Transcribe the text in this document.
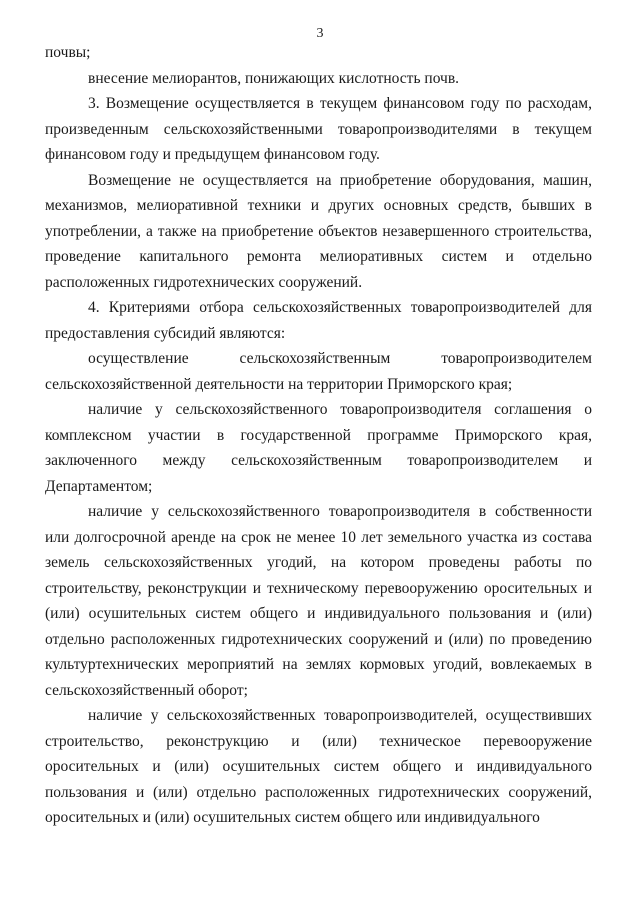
3

почвы;

внесение мелиорантов, понижающих кислотность почв.

3. Возмещение осуществляется в текущем финансовом году по расходам, произведенным сельскохозяйственными товаропроизводителями в текущем финансовом году и предыдущем финансовом году.

Возмещение не осуществляется на приобретение оборудования, машин, механизмов, мелиоративной техники и других основных средств, бывших в употреблении, а также на приобретение объектов незавершенного строительства, проведение капитального ремонта мелиоративных систем и отдельно расположенных гидротехнических сооружений.

4. Критериями отбора сельскохозяйственных товаропроизводителей для предоставления субсидий являются:

осуществление сельскохозяйственным товаропроизводителем сельскохозяйственной деятельности на территории Приморского края;

наличие у сельскохозяйственного товаропроизводителя соглашения о комплексном участии в государственной программе Приморского края, заключенного между сельскохозяйственным товаропроизводителем и Департаментом;

наличие у сельскохозяйственного товаропроизводителя в собственности или долгосрочной аренде на срок не менее 10 лет земельного участка из состава земель сельскохозяйственных угодий, на котором проведены работы по строительству, реконструкции и техническому перевооружению оросительных и (или) осушительных систем общего и индивидуального пользования и (или) отдельно расположенных гидротехнических сооружений и (или) по проведению культуртехнических мероприятий на землях кормовых угодий, вовлекаемых в сельскохозяйственный оборот;

наличие у сельскохозяйственных товаропроизводителей, осуществивших строительство, реконструкцию и (или) техническое перевооружение оросительных и (или) осушительных систем общего и индивидуального пользования и (или) отдельно расположенных гидротехнических сооружений, оросительных и (или) осушительных систем общего или индивидуального
